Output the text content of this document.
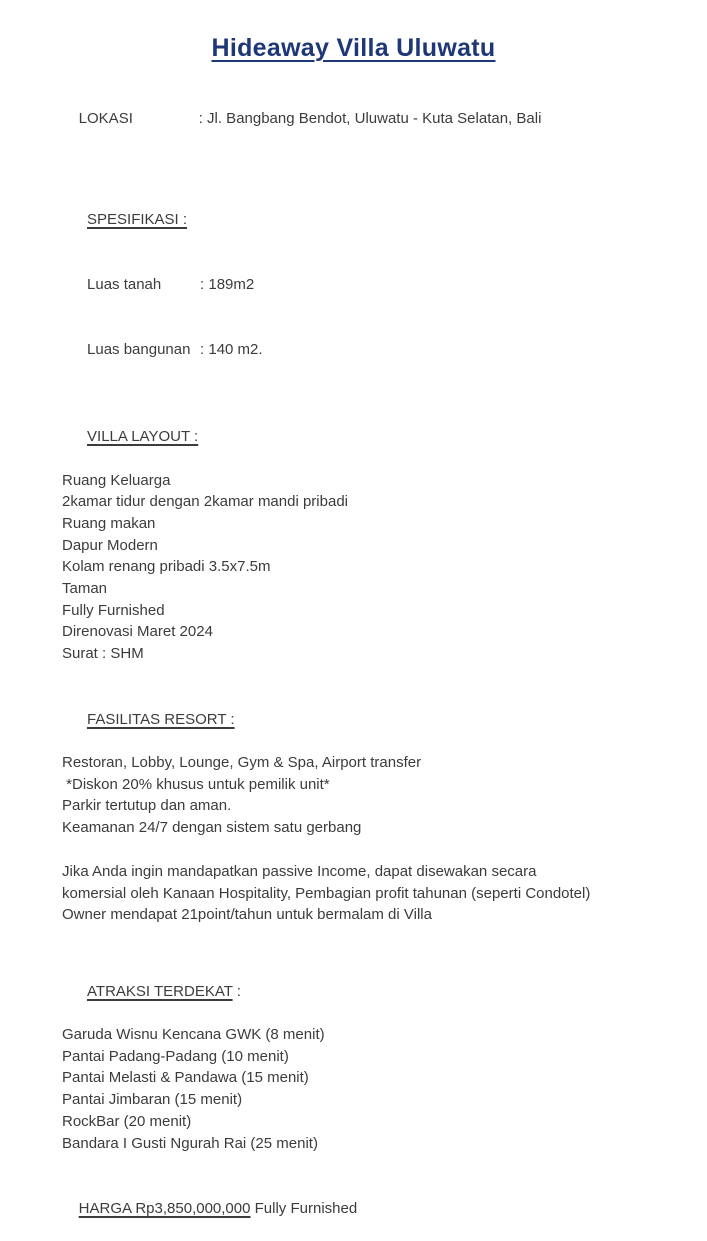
Hideaway Villa Uluwatu

LOKASI	: Jl. Bangbang Bendot, Uluwatu - Kuta Selatan, Bali

SPESIFIKASI :

Luas tanah	: 189m2

Luas bangunan : 140 m2.

VILLA LAYOUT :

Ruang Keluarga
2kamar tidur dengan 2kamar mandi pribadi
Ruang makan
Dapur Modern
Kolam renang pribadi 3.5x7.5m
Taman
Fully Furnished
Direnovasi Maret 2024
Surat : SHM

FASILITAS RESORT :

Restoran, Lobby, Lounge, Gym & Spa, Airport transfer
*Diskon 20% khusus untuk pemilik unit*
Parkir tertutup dan aman.
Keamanan 24/7 dengan sistem satu gerbang
Jika Anda ingin mandapatkan passive Income, dapat disewakan secara
komersial oleh Kanaan Hospitality, Pembagian profit tahunan (seperti Condotel)
Owner mendapat 21point/tahun untuk bermalam di Villa

ATRAKSI TERDEKAT :

Garuda Wisnu Kencana GWK (8 menit)
Pantai Padang-Padang (10 menit)
Pantai Melasti & Pandawa (15 menit)
Pantai Jimbaran (15 menit)
RockBar (20 menit)
Bandara I Gusti Ngurah Rai (25 menit)

HARGA Rp3,850,000,000 Fully Furnished
